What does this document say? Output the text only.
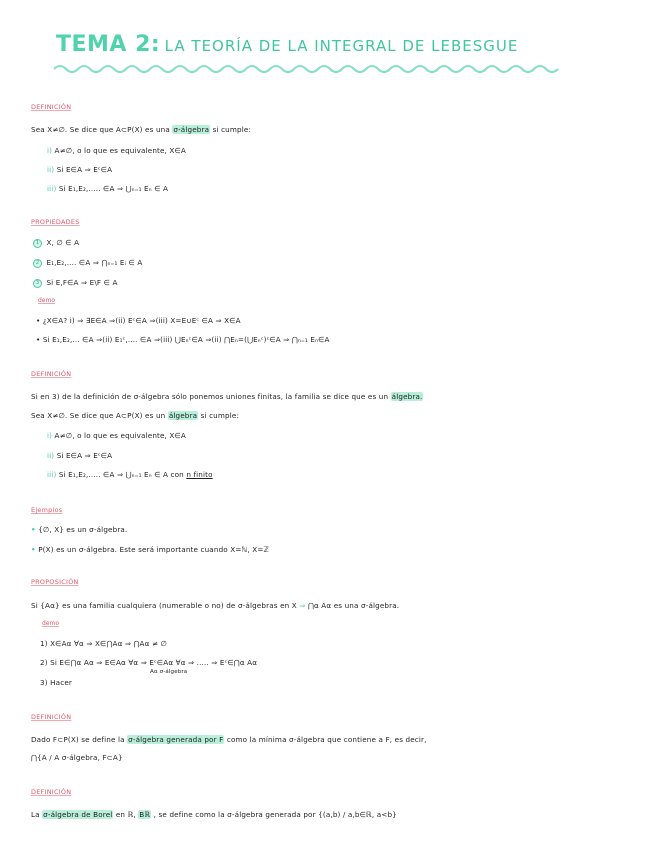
TEMA 2: LA TEORÍA DE LA INTEGRAL DE LEBESGUE
DEFINICIÓN
Sea X≠∅. Se dice que A⊂P(X) es una σ-álgebra si cumple:
i) A≠∅, o lo que es equivalente, X∈A
ii) Si E∈A ⇒ Eᶜ∈A
iii) Si E₁,E₂,..... ∈A ⇒ ⋃ₙ₌₁ Eₙ ∈ A
PROPIEDADES
1 X, ∅ ∈ A
2 E₁,E₂,.... ∈A ⇒ ⋂ₙ₌₁ Eᵢ ∈ A
3 Si E,F∈A ⇒ E\F ∈ A
demo
• ¿X∈A? i) ⇒ ∃E∈A ⇒(ii) Eᶜ∈A ⇒(iii) X=E∪Eᶜ ∈A ⇒ X∈A
• Si E₁,E₂,... ∈A ⇒(ii) E₁ᶜ,.... ∈A ⇒(iii) ⋃Eₙᶜ∈A ⇒(ii) ⋂Eₙ=(⋃Eₙᶜ)ᶜ∈A ⇒ ⋂ₙ₌₁ Eₙ∈A
DEFINICIÓN
Si en 3) de la definición de σ-álgebra sólo ponemos uniones finitas, la familia se dice que es un álgebra.
Sea X≠∅. Se dice que A⊂P(X) es un álgebra si cumple:
i) A≠∅, o lo que es equivalente, X∈A
ii) Si E∈A ⇒ Eᶜ∈A
iii) Si E₁,E₂,..... ∈A ⇒ ⋃ₙ₌₁ Eₙ ∈ A con n finito
Ejemplos
• {∅, X} es un σ-álgebra.
• P(X) es un σ-álgebra. Este será importante cuando X=ℕ, X=ℤ
PROPOSICIÓN
Si {Aα} es una familia cualquiera (numerable o no) de σ-álgebras en X ⇒ ⋂α Aα es una σ-álgebra.
demo
1) X∈Aα ∀α ⇒ X∈⋂Aα ⇒ ⋂Aα ≠ ∅
2) Si E∈⋂α Aα ⇒ E∈Aα ∀α ⇒ Eᶜ∈Aα ∀α ⇒ ..... ⇒ Eᶜ∈⋂α Aα
Aα σ-álgebra
3) Hacer
DEFINICIÓN
Dado F⊂P(X) se define la σ-álgebra generada por F como la mínima σ-álgebra que contiene a F, es decir,
⋂{A / A σ-álgebra, F⊂A}
DEFINICIÓN
La σ-álgebra de Borel en ℝ, Bℝ , se define como la σ-álgebra generada por {(a,b) / a,b∈ℝ, a<b}
